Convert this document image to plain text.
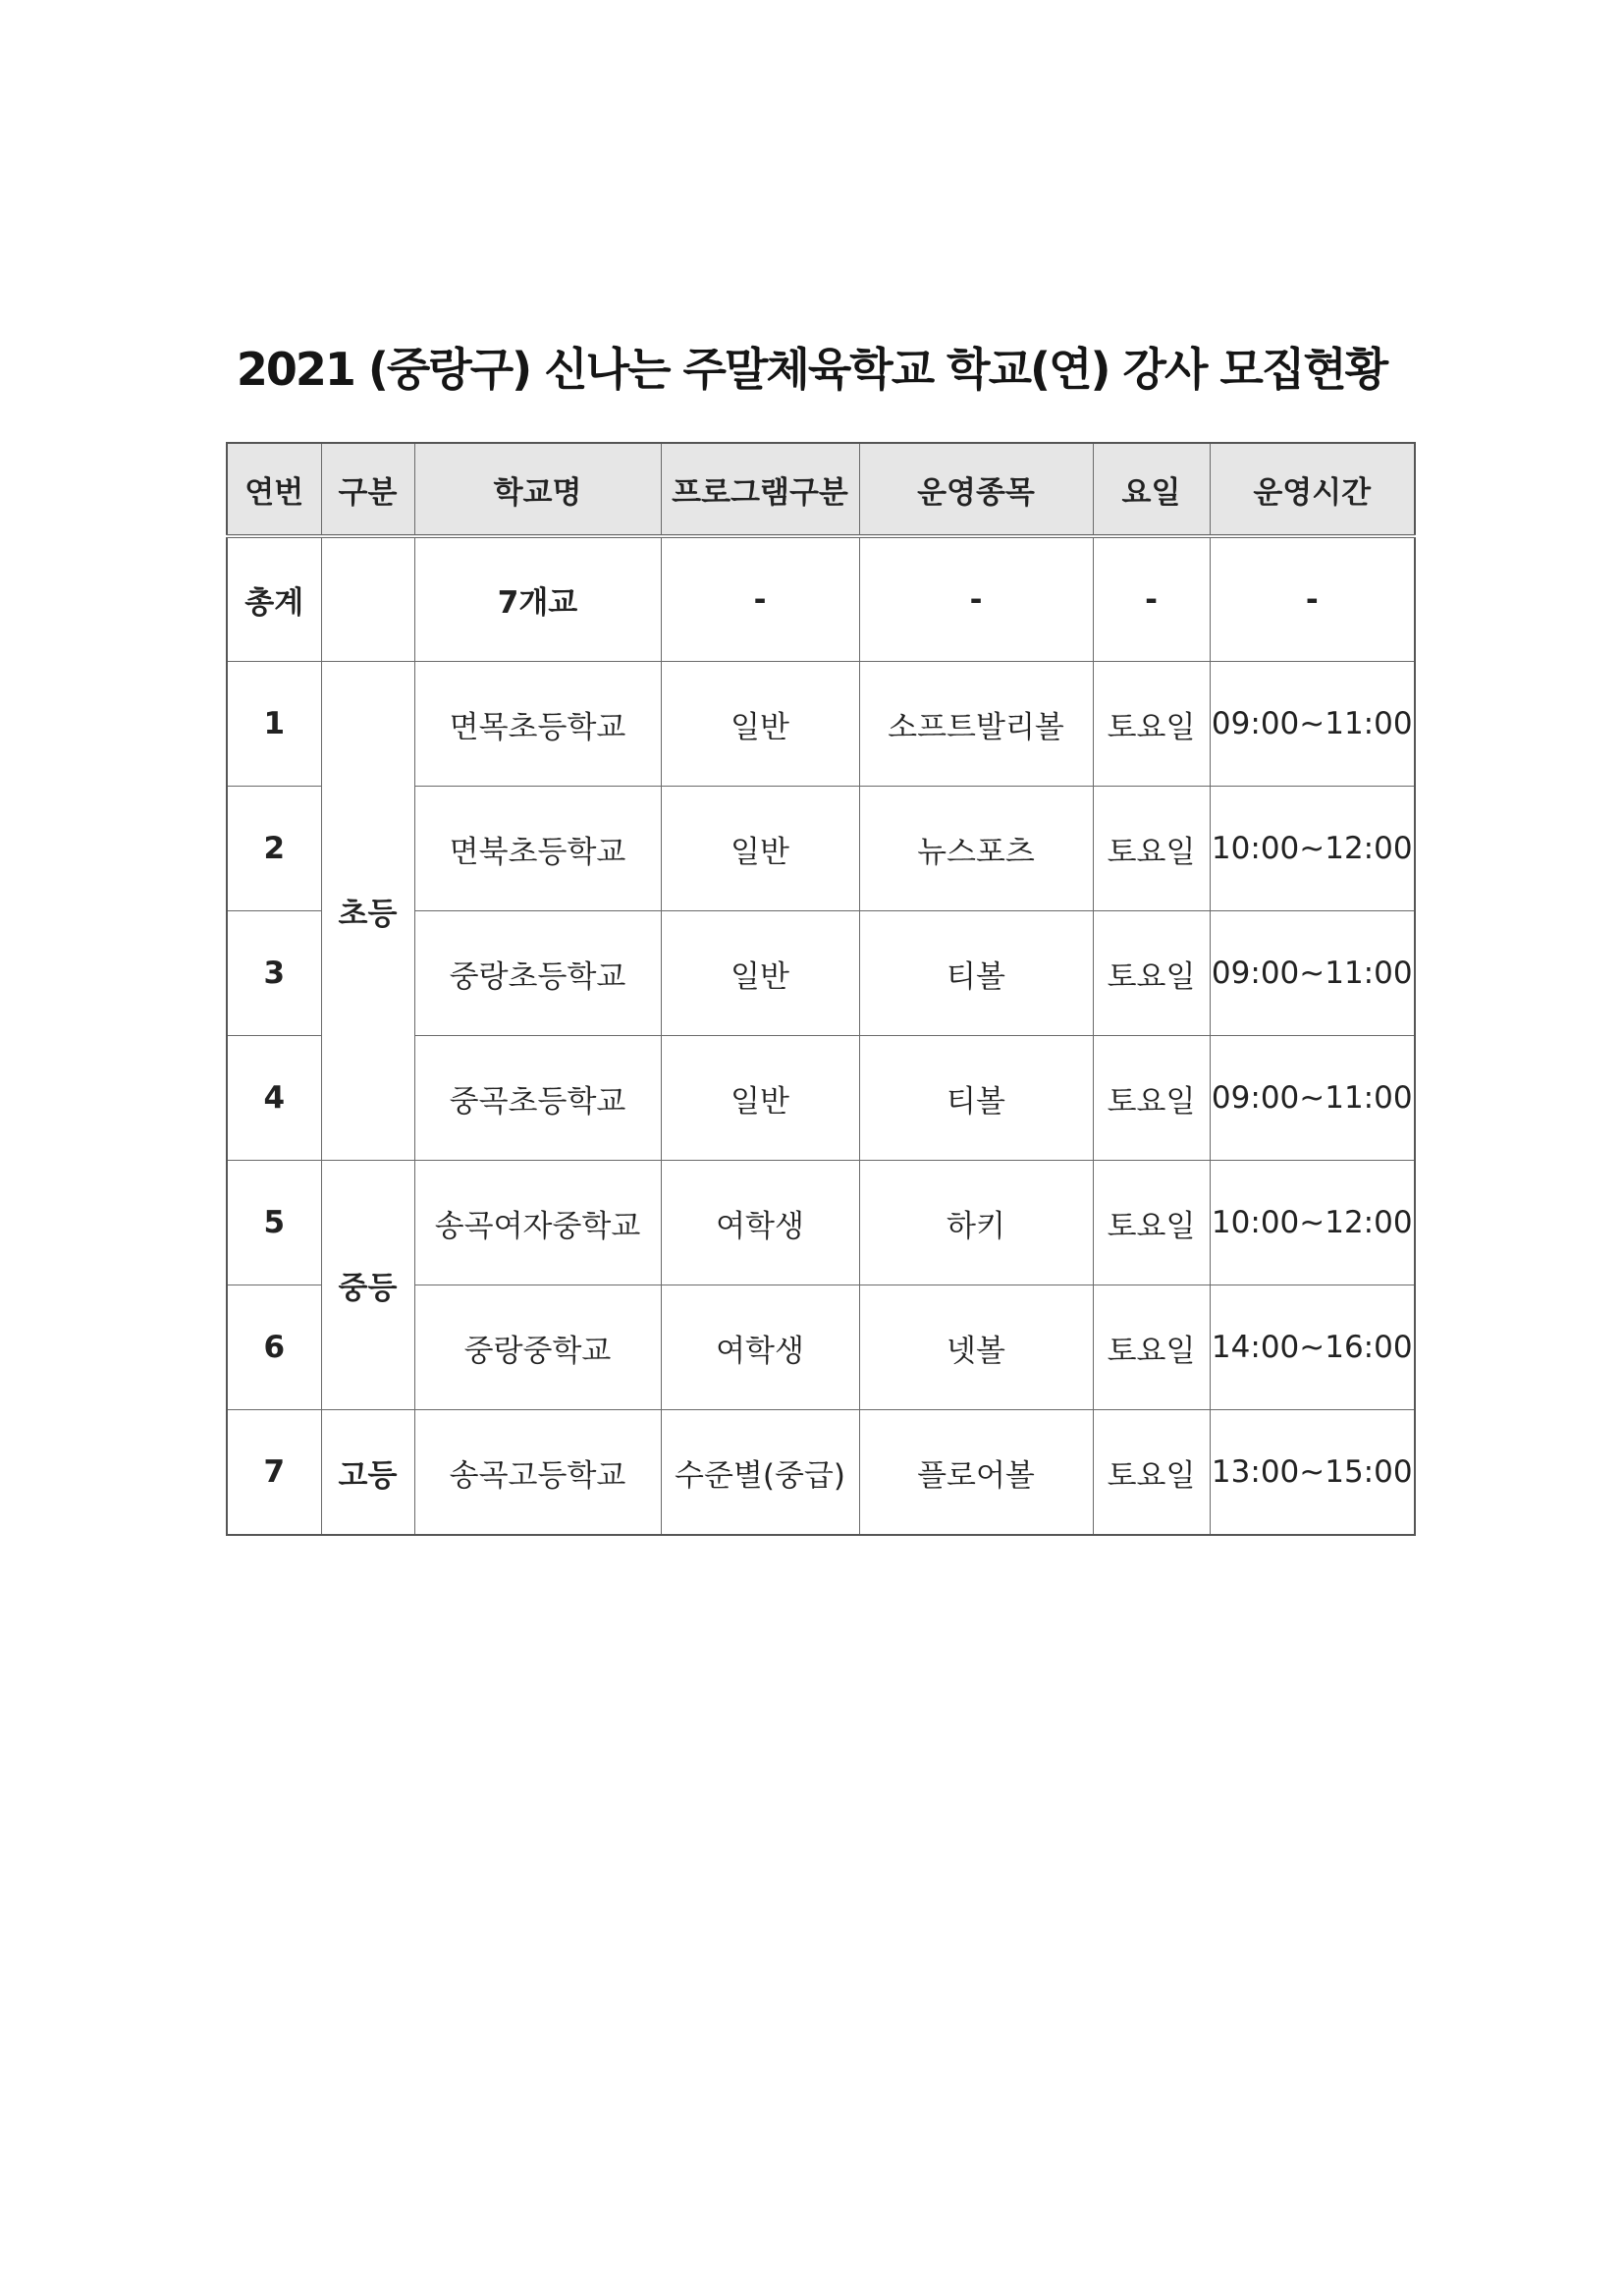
2021 (중랑구) 신나는 주말체육학교 학교(연) 강사 모집현황
연번	구분	학교명	프로그램구분	운영종목	요일	운영시간
총계		7개교	-	-	-	-
1	초등	면목초등학교	일반	소프트발리볼	토요일	09:00~11:00
2		면북초등학교	일반	뉴스포츠	토요일	10:00~12:00
3		중랑초등학교	일반	티볼	토요일	09:00~11:00
4		중곡초등학교	일반	티볼	토요일	09:00~11:00
5	중등	송곡여자중학교	여학생	하키	토요일	10:00~12:00
6		중랑중학교	여학생	넷볼	토요일	14:00~16:00
7	고등	송곡고등학교	수준별(중급)	플로어볼	토요일	13:00~15:00
